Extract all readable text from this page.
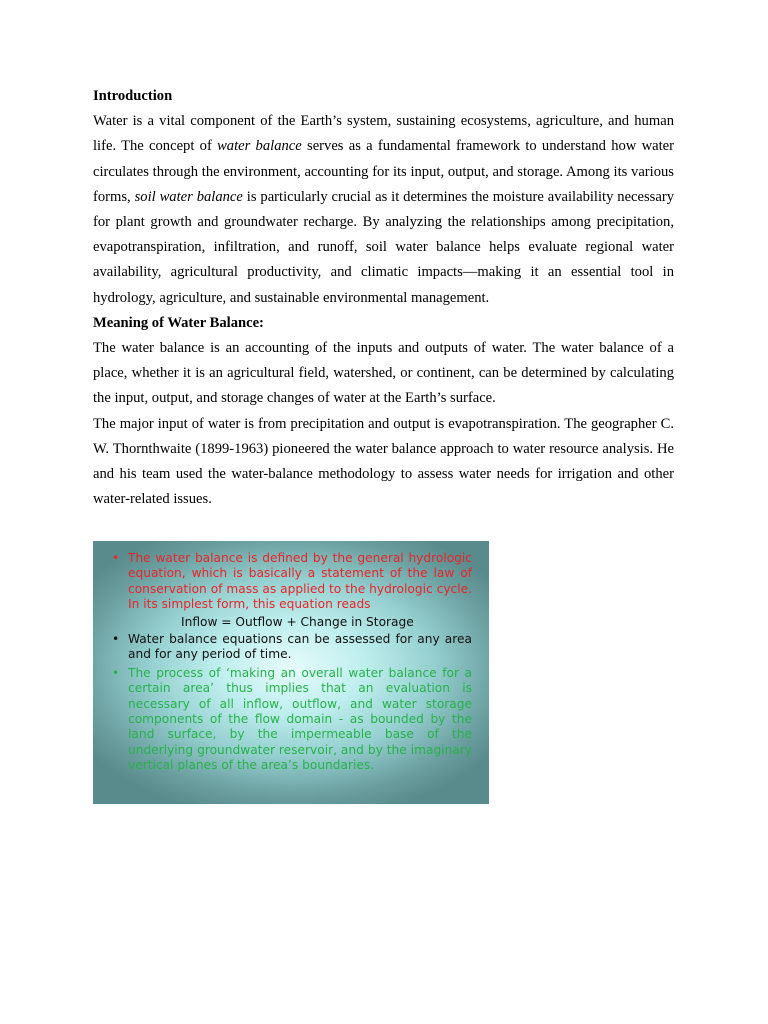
Introduction

Water is a vital component of the Earth’s system, sustaining ecosystems, agriculture, and human life. The concept of water balance serves as a fundamental framework to understand how water circulates through the environment, accounting for its input, output, and storage. Among its various forms, soil water balance is particularly crucial as it determines the moisture availability necessary for plant growth and groundwater recharge. By analyzing the relationships among precipitation, evapotranspiration, infiltration, and runoff, soil water balance helps evaluate regional water availability, agricultural productivity, and climatic impacts—making it an essential tool in hydrology, agriculture, and sustainable environmental management.

Meaning of Water Balance:

The water balance is an accounting of the inputs and outputs of water. The water balance of a place, whether it is an agricultural field, watershed, or continent, can be determined by calculating the input, output, and storage changes of water at the Earth’s surface.

The major input of water is from precipitation and output is evapotranspiration. The geographer C. W. Thornthwaite (1899-1963) pioneered the water balance approach to water resource analysis. He and his team used the water-balance methodology to assess water needs for irrigation and other water-related issues.

• The water balance is defined by the general hydrologic equation, which is basically a statement of the law of conservation of mass as applied to the hydrologic cycle. In its simplest form, this equation reads
Inflow = Outflow + Change in Storage
• Water balance equations can be assessed for any area and for any period of time.
• The process of ‘making an overall water balance for a certain area’ thus implies that an evaluation is necessary of all inflow, outflow, and water storage components of the flow domain - as bounded by the land surface, by the impermeable base of the underlying groundwater reservoir, and by the imaginary vertical planes of the area’s boundaries.
